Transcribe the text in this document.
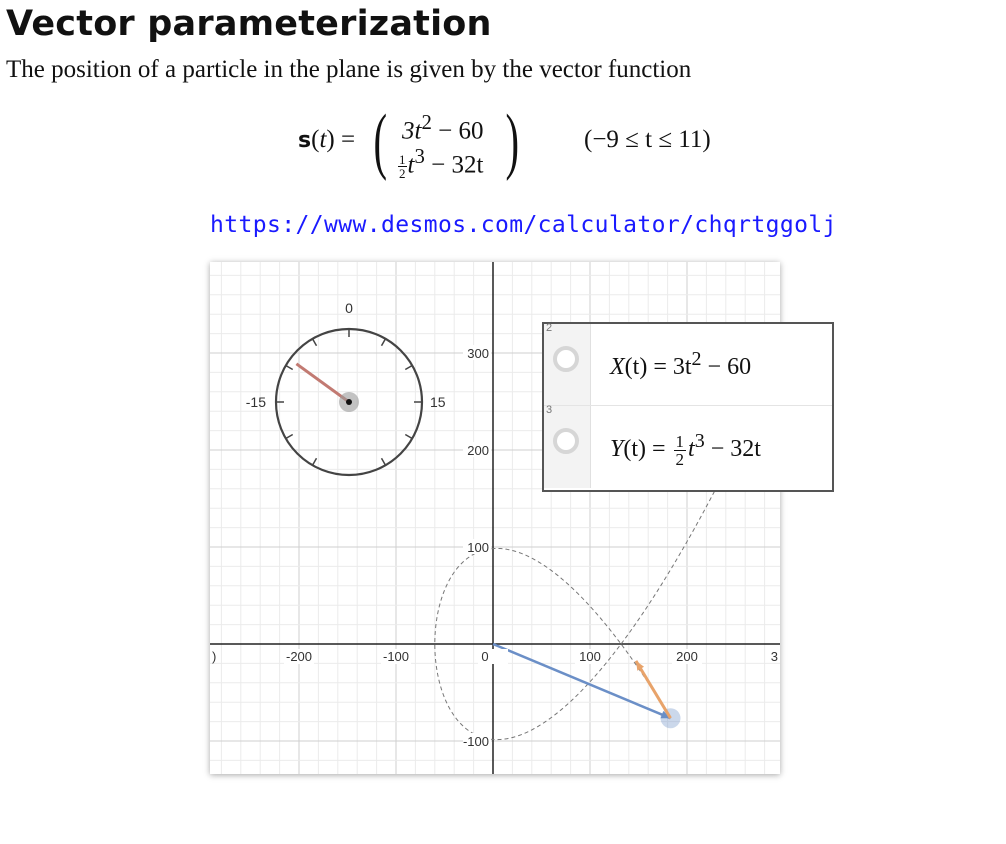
Vector parameterization

The position of a particle in the plane is given by the vector function

s(t) = ( $3t^2 - 60$
$\frac{1}{2} t^3 - 32t$ )	(−9 ≤ t ≤ 11)
https://www.desmos.com/calculator/chqrtggolj
-200	-100	0	100	200
)	3
300
200
100
-100
0
-15	15
2
$X(t) = 3t^2 - 60$
3
$Y(t) = \frac{1}{2} t^3 - 32t$
